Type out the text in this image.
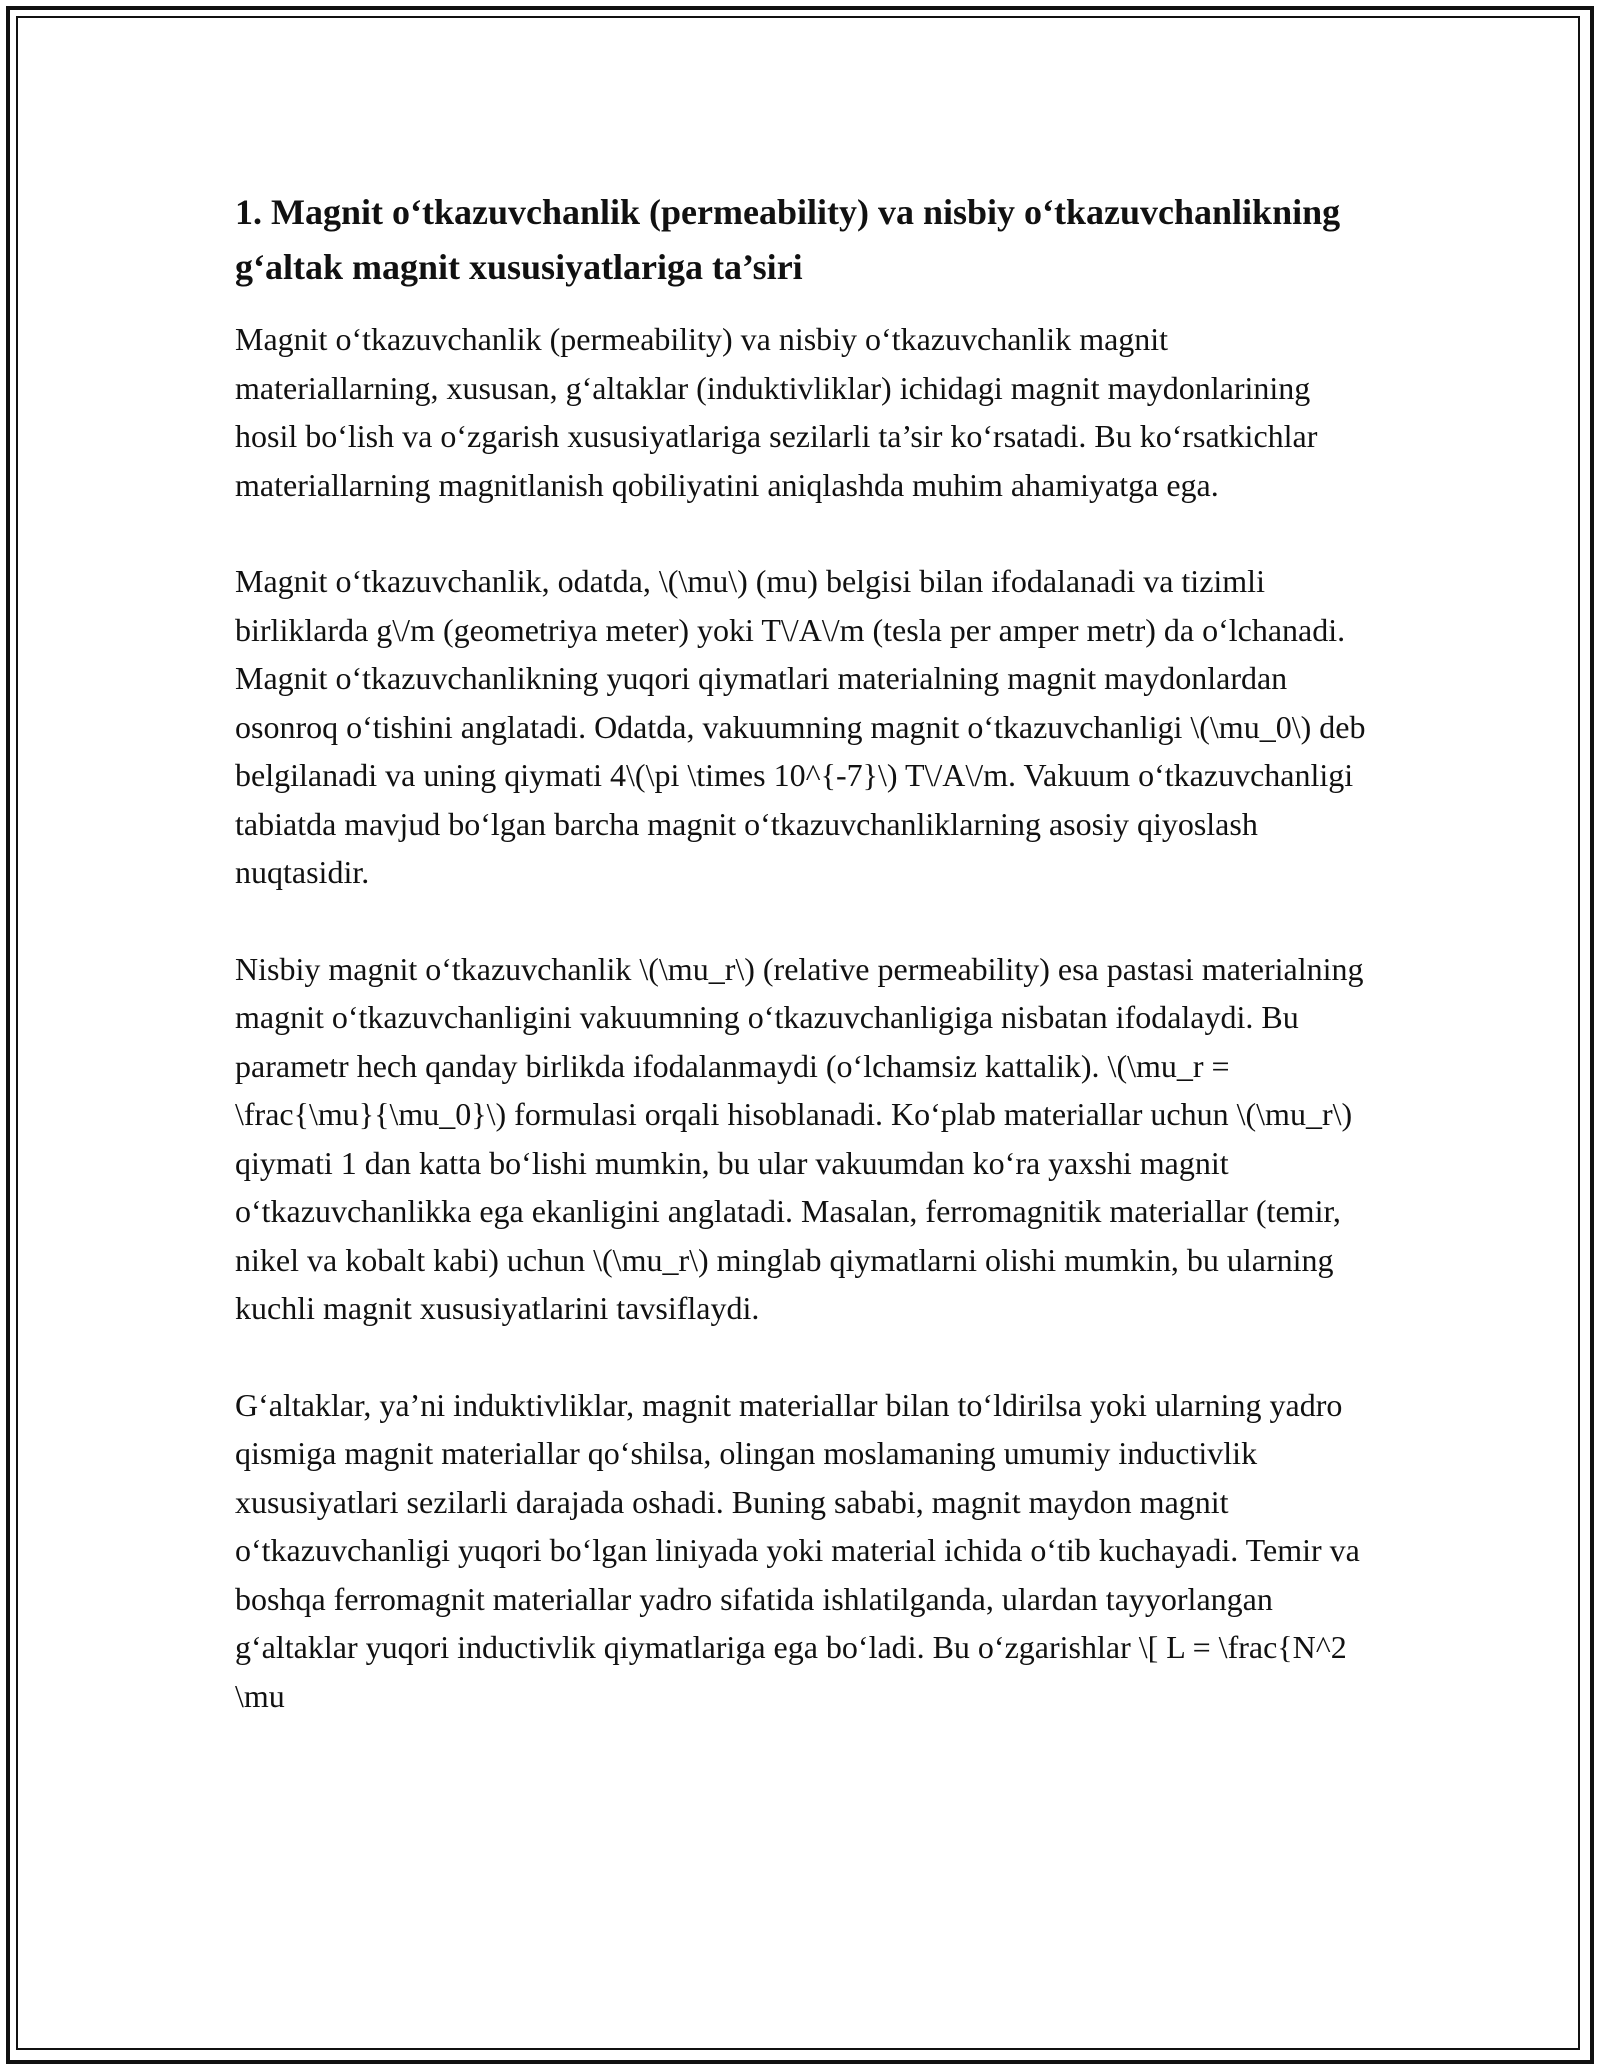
1. Magnit o‘tkazuvchanlik (permeability) va nisbiy o‘tkazuvchanlikning g‘altak magnit xususiyatlariga ta’siri

Magnit o‘tkazuvchanlik (permeability) va nisbiy o‘tkazuvchanlik magnit materiallarning, xususan, g‘altaklar (induktivliklar) ichidagi magnit maydonlarining hosil bo‘lish va o‘zgarish xususiyatlariga sezilarli ta’sir ko‘rsatadi. Bu ko‘rsatkichlar materiallarning magnitlanish qobiliyatini aniqlashda muhim ahamiyatga ega.

Magnit o‘tkazuvchanlik, odatda, \(\mu\) (mu) belgisi bilan ifodalanadi va tizimli birliklarda g\/m (geometriya meter) yoki T\/A\/m (tesla per amper metr) da o‘lchanadi. Magnit o‘tkazuvchanlikning yuqori qiymatlari materialning magnit maydonlardan osonroq o‘tishini anglatadi. Odatda, vakuumning magnit o‘tkazuvchanligi \(\mu_0\) deb belgilanadi va uning qiymati 4\(\pi \times 10^{-7}\) T\/A\/m. Vakuum o‘tkazuvchanligi tabiatda mavjud bo‘lgan barcha magnit o‘tkazuvchanliklarning asosiy qiyoslash nuqtasidir.

Nisbiy magnit o‘tkazuvchanlik \(\mu_r\) (relative permeability) esa pastasi materialning magnit o‘tkazuvchanligini vakuumning o‘tkazuvchanligiga nisbatan ifodalaydi. Bu parametr hech qanday birlikda ifodalanmaydi (o‘lchamsiz kattalik). \(\mu_r = \frac{\mu}{\mu_0}\) formulasi orqali hisoblanadi. Ko‘plab materiallar uchun \(\mu_r\) qiymati 1 dan katta bo‘lishi mumkin, bu ular vakuumdan ko‘ra yaxshi magnit o‘tkazuvchanlikka ega ekanligini anglatadi. Masalan, ferromagnitik materiallar (temir, nikel va kobalt kabi) uchun \(\mu_r\) minglab qiymatlarni olishi mumkin, bu ularning kuchli magnit xususiyatlarini tavsiflaydi.

G‘altaklar, ya’ni induktivliklar, magnit materiallar bilan to‘ldirilsa yoki ularning yadro qismiga magnit materiallar qo‘shilsa, olingan moslamaning umumiy inductivlik xususiyatlari sezilarli darajada oshadi. Buning sababi, magnit maydon magnit o‘tkazuvchanligi yuqori bo‘lgan liniyada yoki material ichida o‘tib kuchayadi. Temir va boshqa ferromagnit materiallar yadro sifatida ishlatilganda, ulardan tayyorlangan g‘altaklar yuqori inductivlik qiymatlariga ega bo‘ladi. Bu o‘zgarishlar \[ L = \frac{N^2 \mu
